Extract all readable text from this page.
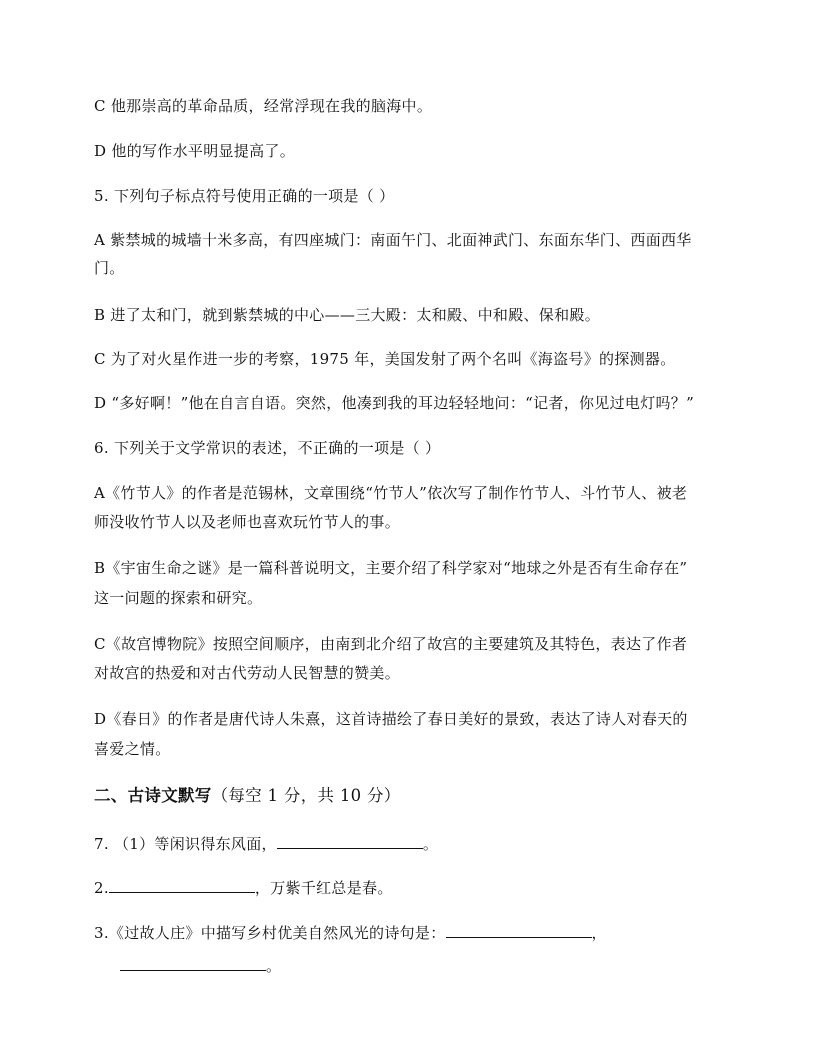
C 他那崇高的革命品质，经常浮现在我的脑海中。
D 他的写作水平明显提高了。
5. 下列句子标点符号使用正确的一项是（ ）
A 紫禁城的城墙十米多高，有四座城门：南面午门、北面神武门、东面东华门、西面西华
门。
B 进了太和门，就到紫禁城的中心——三大殿：太和殿、中和殿、保和殿。
C 为了对火星作进一步的考察，1975 年，美国发射了两个名叫《海盗号》的探测器。
D “多好啊！”他在自言自语。突然，他凑到我的耳边轻轻地问：“记者，你见过电灯吗？”
6. 下列关于文学常识的表述，不正确的一项是（ ）
A《竹节人》的作者是范锡林，文章围绕“竹节人”依次写了制作竹节人、斗竹节人、被老
师没收竹节人以及老师也喜欢玩竹节人的事。
B《宇宙生命之谜》是一篇科普说明文，主要介绍了科学家对“地球之外是否有生命存在”
这一问题的探索和研究。
C《故宫博物院》按照空间顺序，由南到北介绍了故宫的主要建筑及其特色，表达了作者
对故宫的热爱和对古代劳动人民智慧的赞美。
D《春日》的作者是唐代诗人朱熹，这首诗描绘了春日美好的景致，表达了诗人对春天的
喜爱之情。
二、古诗文默写（每空 1 分，共 10 分）
7. （1）等闲识得东风面，	。
2.	，万紫千红总是春。
3.《过故人庄》中描写乡村优美自然风光的诗句是：	，
。
